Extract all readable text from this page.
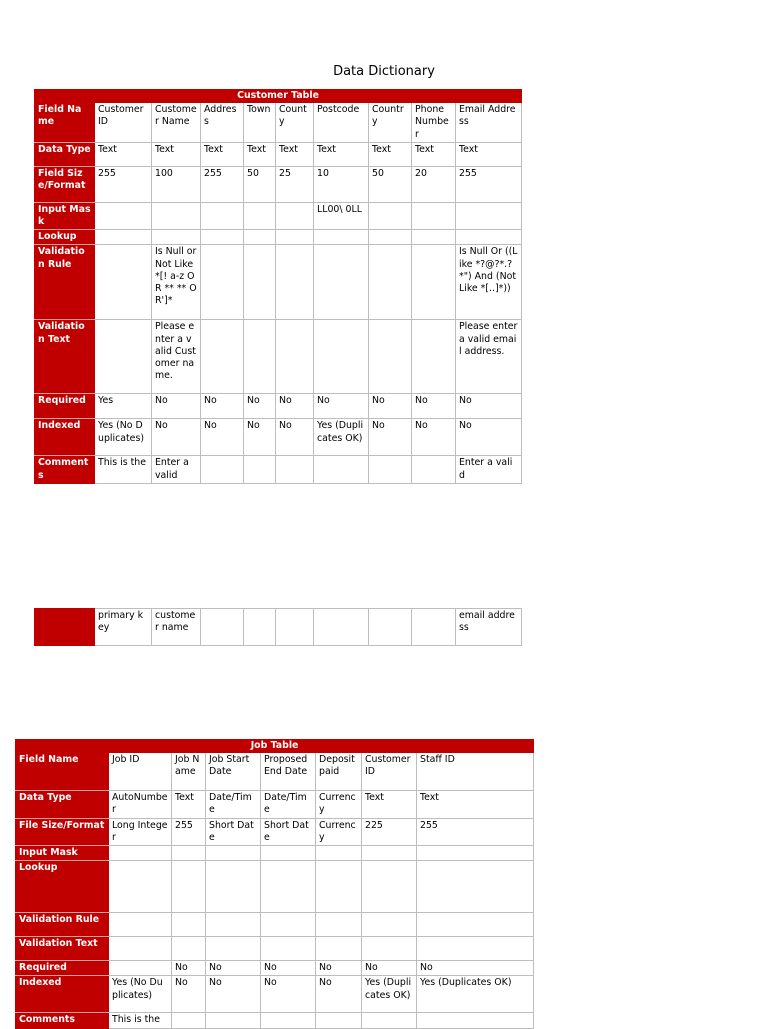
Data Dictionary
Customer Table									
Field Name	Customer ID	Customer Name	Address	Town	County	Postcode	Country	Phone Number	Email Address
Data Type	Text	Text	Text	Text	Text	Text	Text	Text	Text
Field Size/Format	255	100	255	50	25	10	50	20	255
Input Mask						LL00\ 0LL			
Lookup									
Validation Rule		Is Null or Not Like *[! a-z OR ** ** OR']*							Is Null Or ((Like *?@?*.?*") And (Not Like *[..]*))
Validation Text		Please enter a valid Customer name.							Please enter a valid email address.
Required	Yes	No	No	No	No	No	No	No	No
Indexed	Yes (No Duplicates)	No	No	No	No	Yes (Duplicates OK)	No	No	No
Comments	This is the	Enter a valid							Enter a valid
	primary key	customer name							email address
Job Table							
Field Name	Job ID	Job Name	Job Start Date	Proposed End Date	Deposit paid	Customer ID	Staff ID
Data Type	AutoNumber	Text	Date/Time	Date/Time	Currency	Text	Text
File Size/Format	Long Integer	255	Short Date	Short Date	Currency	225	255
Input Mask							
Lookup							
Validation Rule							
Validation Text							
Required		No	No	No	No	No	No
Indexed	Yes (No Duplicates)	No	No	No	No	Yes (Duplicates OK)	Yes (Duplicates OK)
Comments	This is the						
